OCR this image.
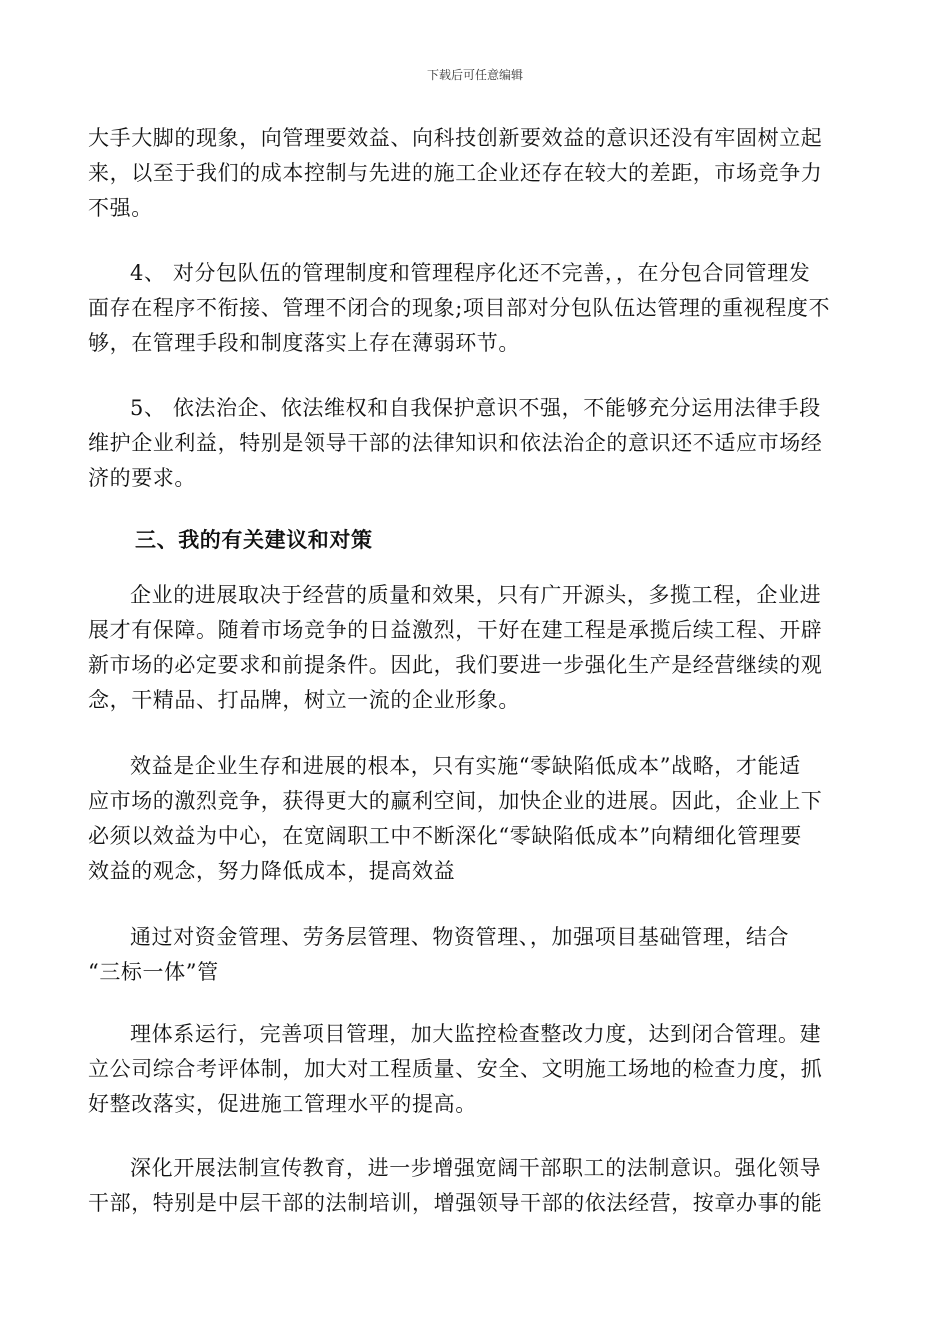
下载后可任意编辑
大手大脚的现象，向管理要效益、向科技创新要效益的意识还没有牢固树立起
来，以至于我们的成本控制与先进的施工企业还存在较大的差距，市场竞争力
不强。
4、 对分包队伍的管理制度和管理程序化还不完善，，在分包合同管理发
面存在程序不衔接、管理不闭合的现象;项目部对分包队伍达管理的重视程度不
够，在管理手段和制度落实上存在薄弱环节。
5、 依法治企、依法维权和自我保护意识不强，不能够充分运用法律手段
维护企业利益，特别是领导干部的法律知识和依法治企的意识还不适应市场经
济的要求。
三、我的有关建议和对策
企业的进展取决于经营的质量和效果，只有广开源头，多揽工程，企业进
展才有保障。随着市场竞争的日益激烈，干好在建工程是承揽后续工程、开辟
新市场的必定要求和前提条件。因此，我们要进一步强化生产是经营继续的观
念，干精品、打品牌，树立一流的企业形象。
效益是企业生存和进展的根本，只有实施“零缺陷低成本”战略，才能适
应市场的激烈竞争，获得更大的赢利空间，加快企业的进展。因此，企业上下
必须以效益为中心，在宽阔职工中不断深化“零缺陷低成本”向精细化管理要
效益的观念，努力降低成本，提高效益
通过对资金管理、劳务层管理、物资管理、，加强项目基础管理，结合
“三标一体”管
理体系运行，完善项目管理，加大监控检查整改力度，达到闭合管理。建
立公司综合考评体制，加大对工程质量、安全、文明施工场地的检查力度，抓
好整改落实，促进施工管理水平的提高。
深化开展法制宣传教育，进一步增强宽阔干部职工的法制意识。强化领导
干部，特别是中层干部的法制培训，增强领导干部的依法经营，按章办事的能
